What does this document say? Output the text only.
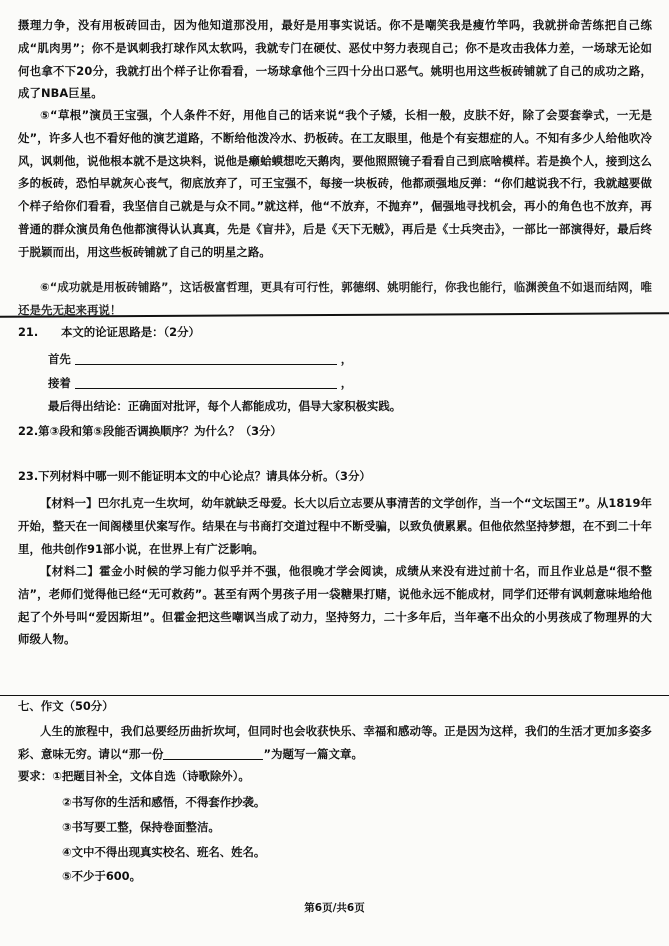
摄理力争，没有用板砖回击，因为他知道那没用，最好是用事实说话。你不是嘲笑我是瘦竹竿吗，我就拼命苦练把自己练成“肌肉男”；你不是讽刺我打球作风太软吗，我就专门在硬仗、恶仗中努力表现自己；你不是攻击我体力差，一场球无论如何也拿不下20分，我就打出个样子让你看看，一场球拿他个三四十分出口恶气。姚明也用这些板砖铺就了自己的成功之路，成了NBA巨星。
⑤“草根”演员王宝强，个人条件不好，用他自己的话来说“我个子矮，长相一般，皮肤不好，除了会耍套拳式，一无是处”，许多人也不看好他的演艺道路，不断给他泼冷水、扔板砖。在工友眼里，他是个有妄想症的人。不知有多少人给他吹冷风，讽刺他，说他根本就不是这块料，说他是癞蛤蟆想吃天鹅肉，要他照照镜子看看自己到底啥模样。若是换个人，接到这么多的板砖，恐怕早就灰心丧气，彻底放弃了，可王宝强不，每接一块板砖，他都顽强地反弹：“你们越说我不行，我就越要做个样子给你们看看，我坚信自己就是与众不同。”就这样，他“不放弃，不抛弃”，倔强地寻找机会，再小的角色也不放弃，再普通的群众演员角色他都演得认认真真，先是《盲井》，后是《天下无贼》，再后是《士兵突击》，一部比一部演得好，最后终于脱颖而出，用这些板砖铺就了自己的明星之路。
⑥“成功就是用板砖铺路”，这话极富哲理，更具有可行性，郭德纲、姚明能行，你我也能行，临渊羡鱼不如退而结网，唯还是先无起来再说！
21.　　本文的论证思路是：（2分）
首先	，
接着	，
最后得出结论：正确面对批评，每个人都能成功，倡导大家积极实践。
22.第③段和第⑤段能否调换顺序？为什么？（3分）
23.下列材料中哪一则不能证明本文的中心论点？请具体分析。（3分）
【材料一】巴尔扎克一生坎坷，幼年就缺乏母爱。长大以后立志要从事清苦的文学创作，当一个“文坛国王”。从1819年开始，整天在一间阁楼里伏案写作。结果在与书商打交道过程中不断受骗，以致负债累累。但他依然坚持梦想，在不到二十年里，他共创作91部小说，在世界上有广泛影响。
【材料二】霍金小时候的学习能力似乎并不强，他很晚才学会阅读，成绩从来没有进过前十名，而且作业总是“很不整洁”，老师们觉得他已经“无可救药”。甚至有两个男孩子用一袋糖果打赌，说他永远不能成材，同学们还带有讽刺意味地给他起了个外号叫“爱因斯坦”。但霍金把这些嘲讽当成了动力，坚持努力，二十多年后，当年毫不出众的小男孩成了物理界的大师级人物。
七、作文（50分）
人生的旅程中，我们总要经历曲折坎坷，但同时也会收获快乐、幸福和感动等。正是因为这样，我们的生活才更加多姿多彩、意味无穷。请以“那一份	”为题写一篇文章。
要求：①把题目补全，文体自选（诗歌除外）。
②书写你的生活和感悟，不得套作抄袭。
③书写要工整，保持卷面整洁。
④文中不得出现真实校名、班名、姓名。
⑤不少于600。
第6页/共6页
